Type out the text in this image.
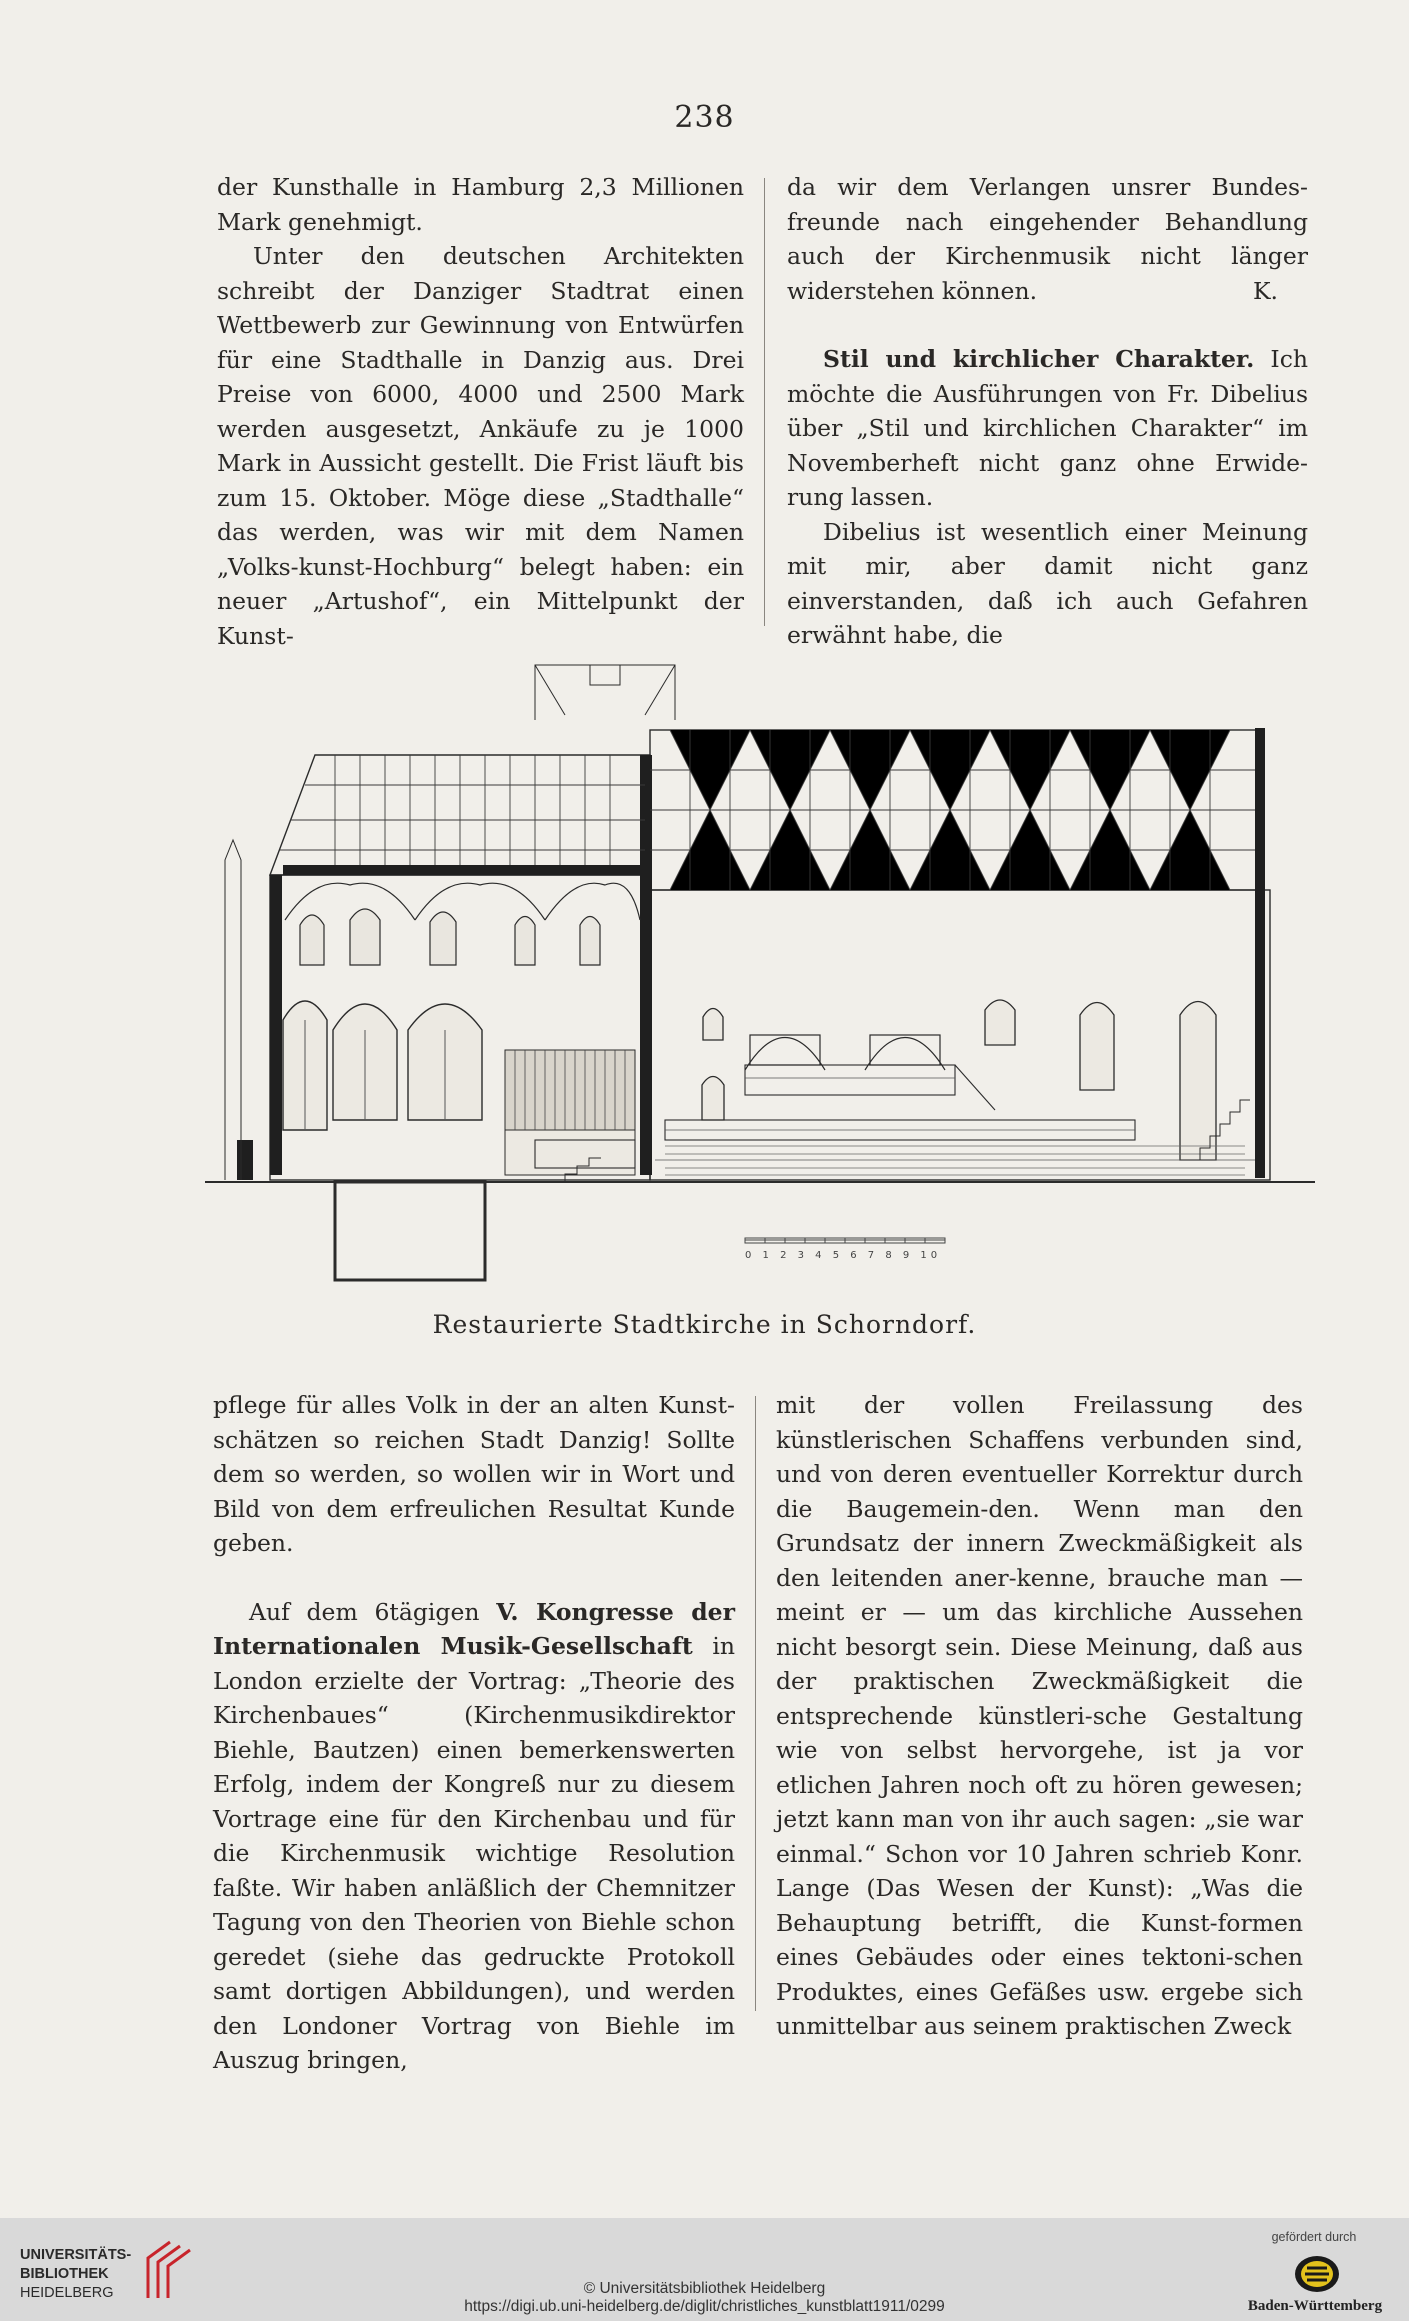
238

der Kunsthalle in Hamburg 2,3 Millionen Mark genehmigt.

Unter den deutschen Architekten schreibt der Danziger Stadtrat einen Wettbewerb zur Gewinnung von Entwürfen für eine Stadthalle in Danzig aus. Drei Preise von 6000, 4000 und 2500 Mark werden ausgesetzt, Ankäufe zu je 1000 Mark in Aussicht gestellt. Die Frist läuft bis zum 15. Oktober. Möge diese „Stadthalle“ das werden, was wir mit dem Namen „Volks-kunst-Hochburg“ belegt haben: ein neuer „Artushof“, ein Mittelpunkt der Kunst-

da wir dem Verlangen unsrer Bundes-freunde nach eingehender Behandlung auch der Kirchenmusik nicht länger widerstehen können.	K.

Stil und kirchlicher Charakter. Ich möchte die Ausführungen von Fr. Dibelius über „Stil und kirchlichen Charakter“ im Novemberheft nicht ganz ohne Erwide-rung lassen.

Dibelius ist wesentlich einer Meinung mit mir, aber damit nicht ganz einverstanden, daß ich auch Gefahren erwähnt habe, die

0 1 2 3 4 5 6 7 8 9 10
Restaurierte Stadtkirche in Schorndorf.

pflege für alles Volk in der an alten Kunst-schätzen so reichen Stadt Danzig! Sollte dem so werden, so wollen wir in Wort und Bild von dem erfreulichen Resultat Kunde geben.

Auf dem 6tägigen V. Kongresse der Internationalen Musik-Gesellschaft in London erzielte der Vortrag: „Theorie des Kirchenbaues“ (Kirchenmusikdirektor Biehle, Bautzen) einen bemerkenswerten Erfolg, indem der Kongreß nur zu diesem Vortrage eine für den Kirchenbau und für die Kirchenmusik wichtige Resolution faßte. Wir haben anläßlich der Chemnitzer Tagung von den Theorien von Biehle schon geredet (siehe das gedruckte Protokoll samt dortigen Abbildungen), und werden den Londoner Vortrag von Biehle im Auszug bringen,

mit der vollen Freilassung des künstlerischen Schaffens verbunden sind, und von deren eventueller Korrektur durch die Baugemein-den. Wenn man den Grundsatz der innern Zweckmäßigkeit als den leitenden aner-kenne, brauche man — meint er — um das kirchliche Aussehen nicht besorgt sein. Diese Meinung, daß aus der praktischen Zweckmäßigkeit die entsprechende künstleri-sche Gestaltung wie von selbst hervorgehe, ist ja vor etlichen Jahren noch oft zu hören gewesen; jetzt kann man von ihr auch sagen: „sie war einmal.“ Schon vor 10 Jahren schrieb Konr. Lange (Das Wesen der Kunst): „Was die Behauptung betrifft, die Kunst-formen eines Gebäudes oder eines tektoni-schen Produktes, eines Gefäßes usw. ergebe sich unmittelbar aus seinem praktischen Zweck

UNIVERSITÄTS-
BIBLIOTHEK
HEIDELBERG	© Universitätsbibliothek Heidelberg
https://digi.ub.uni-heidelberg.de/diglit/christliches_kunstblatt1911/0299
gefördert durch
Baden-Württemberg
